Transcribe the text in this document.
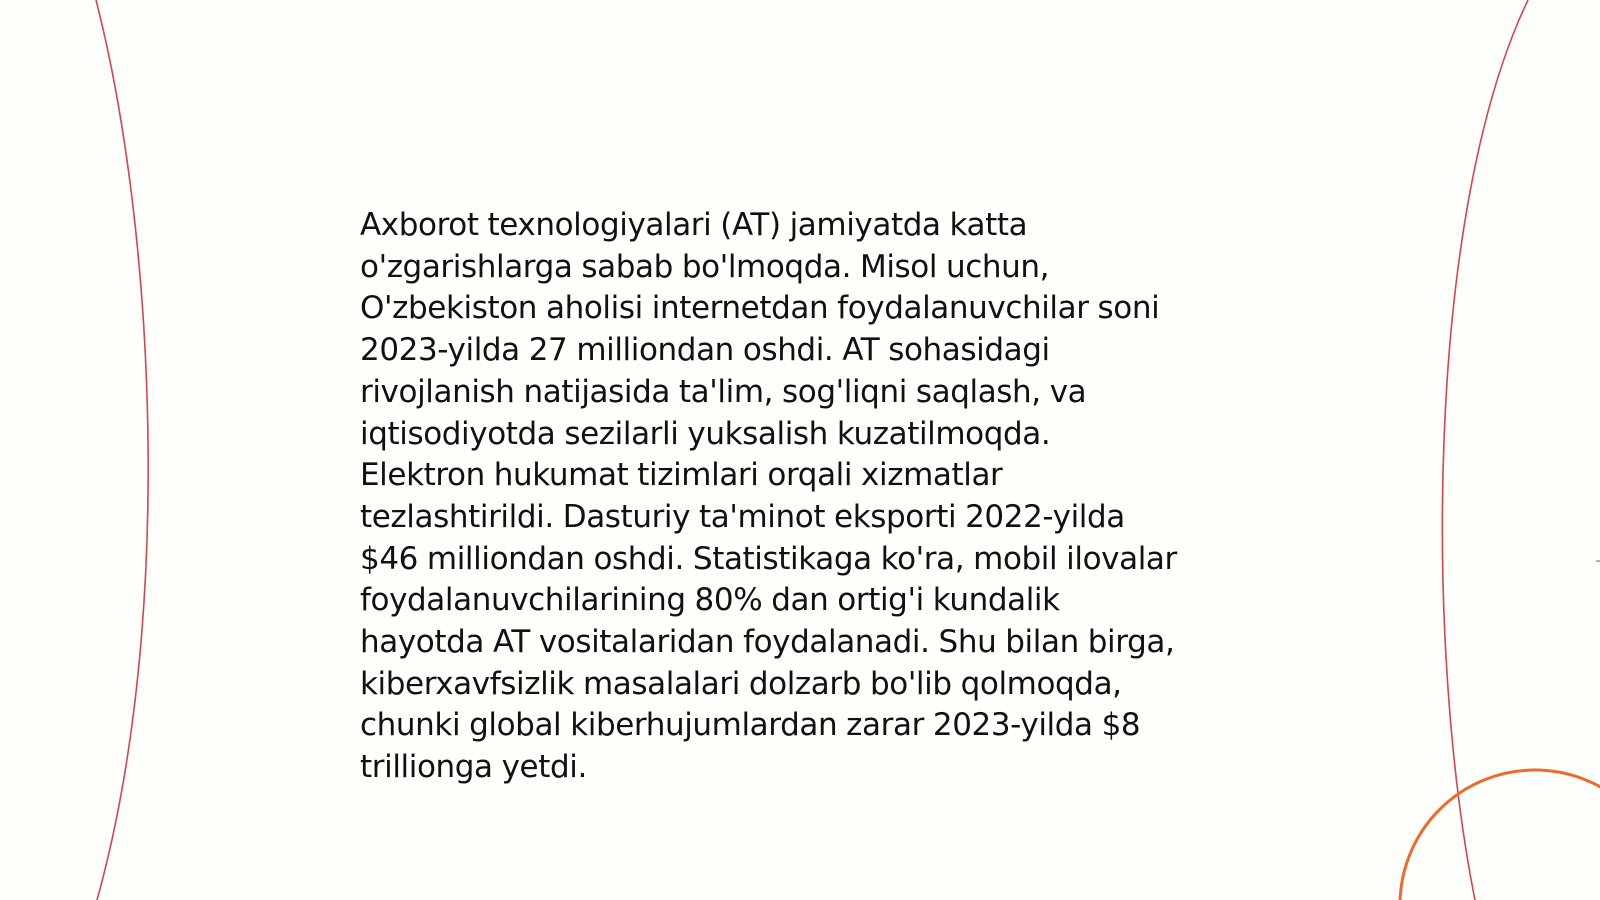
Axborot texnologiyalari (AT) jamiyatda katta
o'zgarishlarga sabab bo'lmoqda. Misol uchun,
O'zbekiston aholisi internetdan foydalanuvchilar soni
2023-yilda 27 milliondan oshdi. AT sohasidagi
rivojlanish natijasida ta'lim, sog'liqni saqlash, va
iqtisodiyotda sezilarli yuksalish kuzatilmoqda.
Elektron hukumat tizimlari orqali xizmatlar
tezlashtirildi. Dasturiy ta'minot eksporti 2022-yilda
$46 milliondan oshdi. Statistikaga ko'ra, mobil ilovalar
foydalanuvchilarining 80% dan ortig'i kundalik
hayotda AT vositalaridan foydalanadi. Shu bilan birga,
kiberxavfsizlik masalalari dolzarb bo'lib qolmoqda,
chunki global kiberhujumlardan zarar 2023-yilda $8
trillionga yetdi.
